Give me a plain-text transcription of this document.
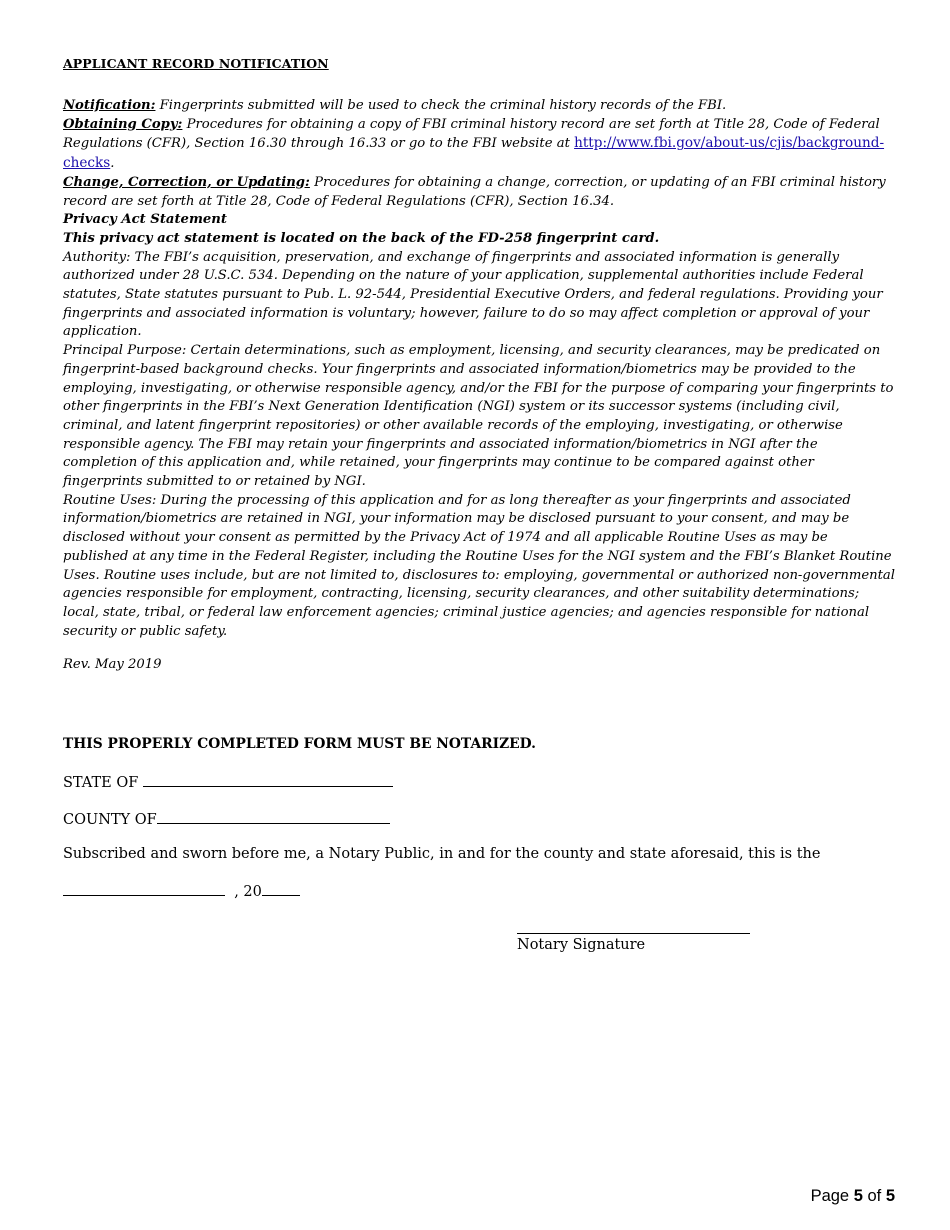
APPLICANT RECORD NOTIFICATION

Notification: Fingerprints submitted will be used to check the criminal history records of the FBI.

Obtaining Copy: Procedures for obtaining a copy of FBI criminal history record are set forth at Title 28, Code of Federal Regulations (CFR), Section 16.30 through 16.33 or go to the FBI website at http://www.fbi.gov/about-us/cjis/background-checks.

Change, Correction, or Updating: Procedures for obtaining a change, correction, or updating of an FBI criminal history record are set forth at Title 28, Code of Federal Regulations (CFR), Section 16.34.

Privacy Act Statement

This privacy act statement is located on the back of the FD-258 fingerprint card.

Authority: The FBI’s acquisition, preservation, and exchange of fingerprints and associated information is generally authorized under 28 U.S.C. 534. Depending on the nature of your application, supplemental authorities include Federal statutes, State statutes pursuant to Pub. L. 92-544, Presidential Executive Orders, and federal regulations. Providing your fingerprints and associated information is voluntary; however, failure to do so may affect completion or approval of your application.

Principal Purpose: Certain determinations, such as employment, licensing, and security clearances, may be predicated on fingerprint-based background checks. Your fingerprints and associated information/biometrics may be provided to the employing, investigating, or otherwise responsible agency, and/or the FBI for the purpose of comparing your fingerprints to other fingerprints in the FBI’s Next Generation Identification (NGI) system or its successor systems (including civil, criminal, and latent fingerprint repositories) or other available records of the employing, investigating, or otherwise responsible agency. The FBI may retain your fingerprints and associated information/biometrics in NGI after the completion of this application and, while retained, your fingerprints may continue to be compared against other fingerprints submitted to or retained by NGI.

Routine Uses: During the processing of this application and for as long thereafter as your fingerprints and associated information/biometrics are retained in NGI, your information may be disclosed pursuant to your consent, and may be disclosed without your consent as permitted by the Privacy Act of 1974 and all applicable Routine Uses as may be published at any time in the Federal Register, including the Routine Uses for the NGI system and the FBI’s Blanket Routine Uses. Routine uses include, but are not limited to, disclosures to: employing, governmental or authorized non-governmental agencies responsible for employment, contracting, licensing, security clearances, and other suitability determinations; local, state, tribal, or federal law enforcement agencies; criminal justice agencies; and agencies responsible for national security or public safety.

Rev. May 2019
THIS PROPERLY COMPLETED FORM MUST BE NOTARIZED.
STATE OF
COUNTY OF
Subscribed and sworn before me, a Notary Public, in and for the county and state aforesaid, this is the
, 20
Notary Signature
Page 5 of 5
